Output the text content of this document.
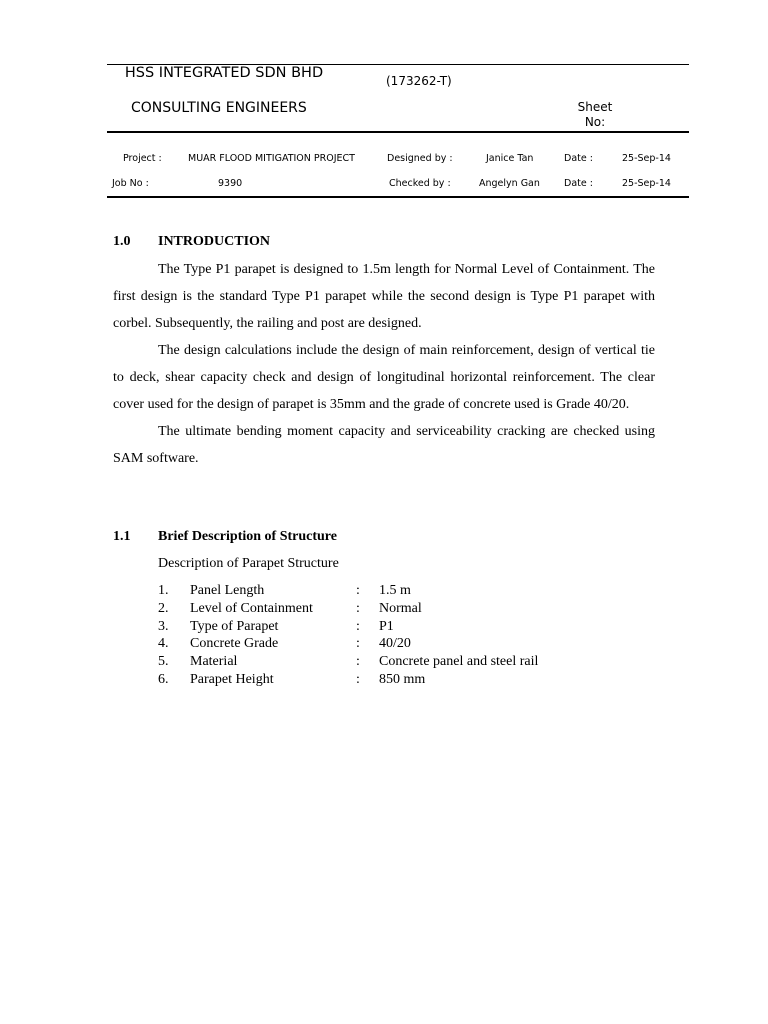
HSS INTEGRATED SDN BHD	(173262-T)
CONSULTING ENGINEERS	Sheet No:
Project :	MUAR FLOOD MITIGATION PROJECT	Designed by :	Janice Tan	Date :	25-Sep-14
Job No :	9390	Checked by :	Angelyn Gan	Date :	25-Sep-14
1.0 INTRODUCTION

The Type P1 parapet is designed to 1.5m length for Normal Level of Containment. The first design is the standard Type P1 parapet while the second design is Type P1 parapet with corbel. Subsequently, the railing and post are designed.

The design calculations include the design of main reinforcement, design of vertical tie to deck, shear capacity check and design of longitudinal horizontal reinforcement. The clear cover used for the design of parapet is 35mm and the grade of concrete used is Grade 40/20.

The ultimate bending moment capacity and serviceability cracking are checked using SAM software.

1.1 Brief Description of Structure
Description of Parapet Structure
1. Panel Length	: 1.5 m
2. Level of Containment	: Normal
3. Type of Parapet	: P1
4. Concrete Grade	: 40/20
5. Material	: Concrete panel and steel rail
6. Parapet Height	: 850 mm
